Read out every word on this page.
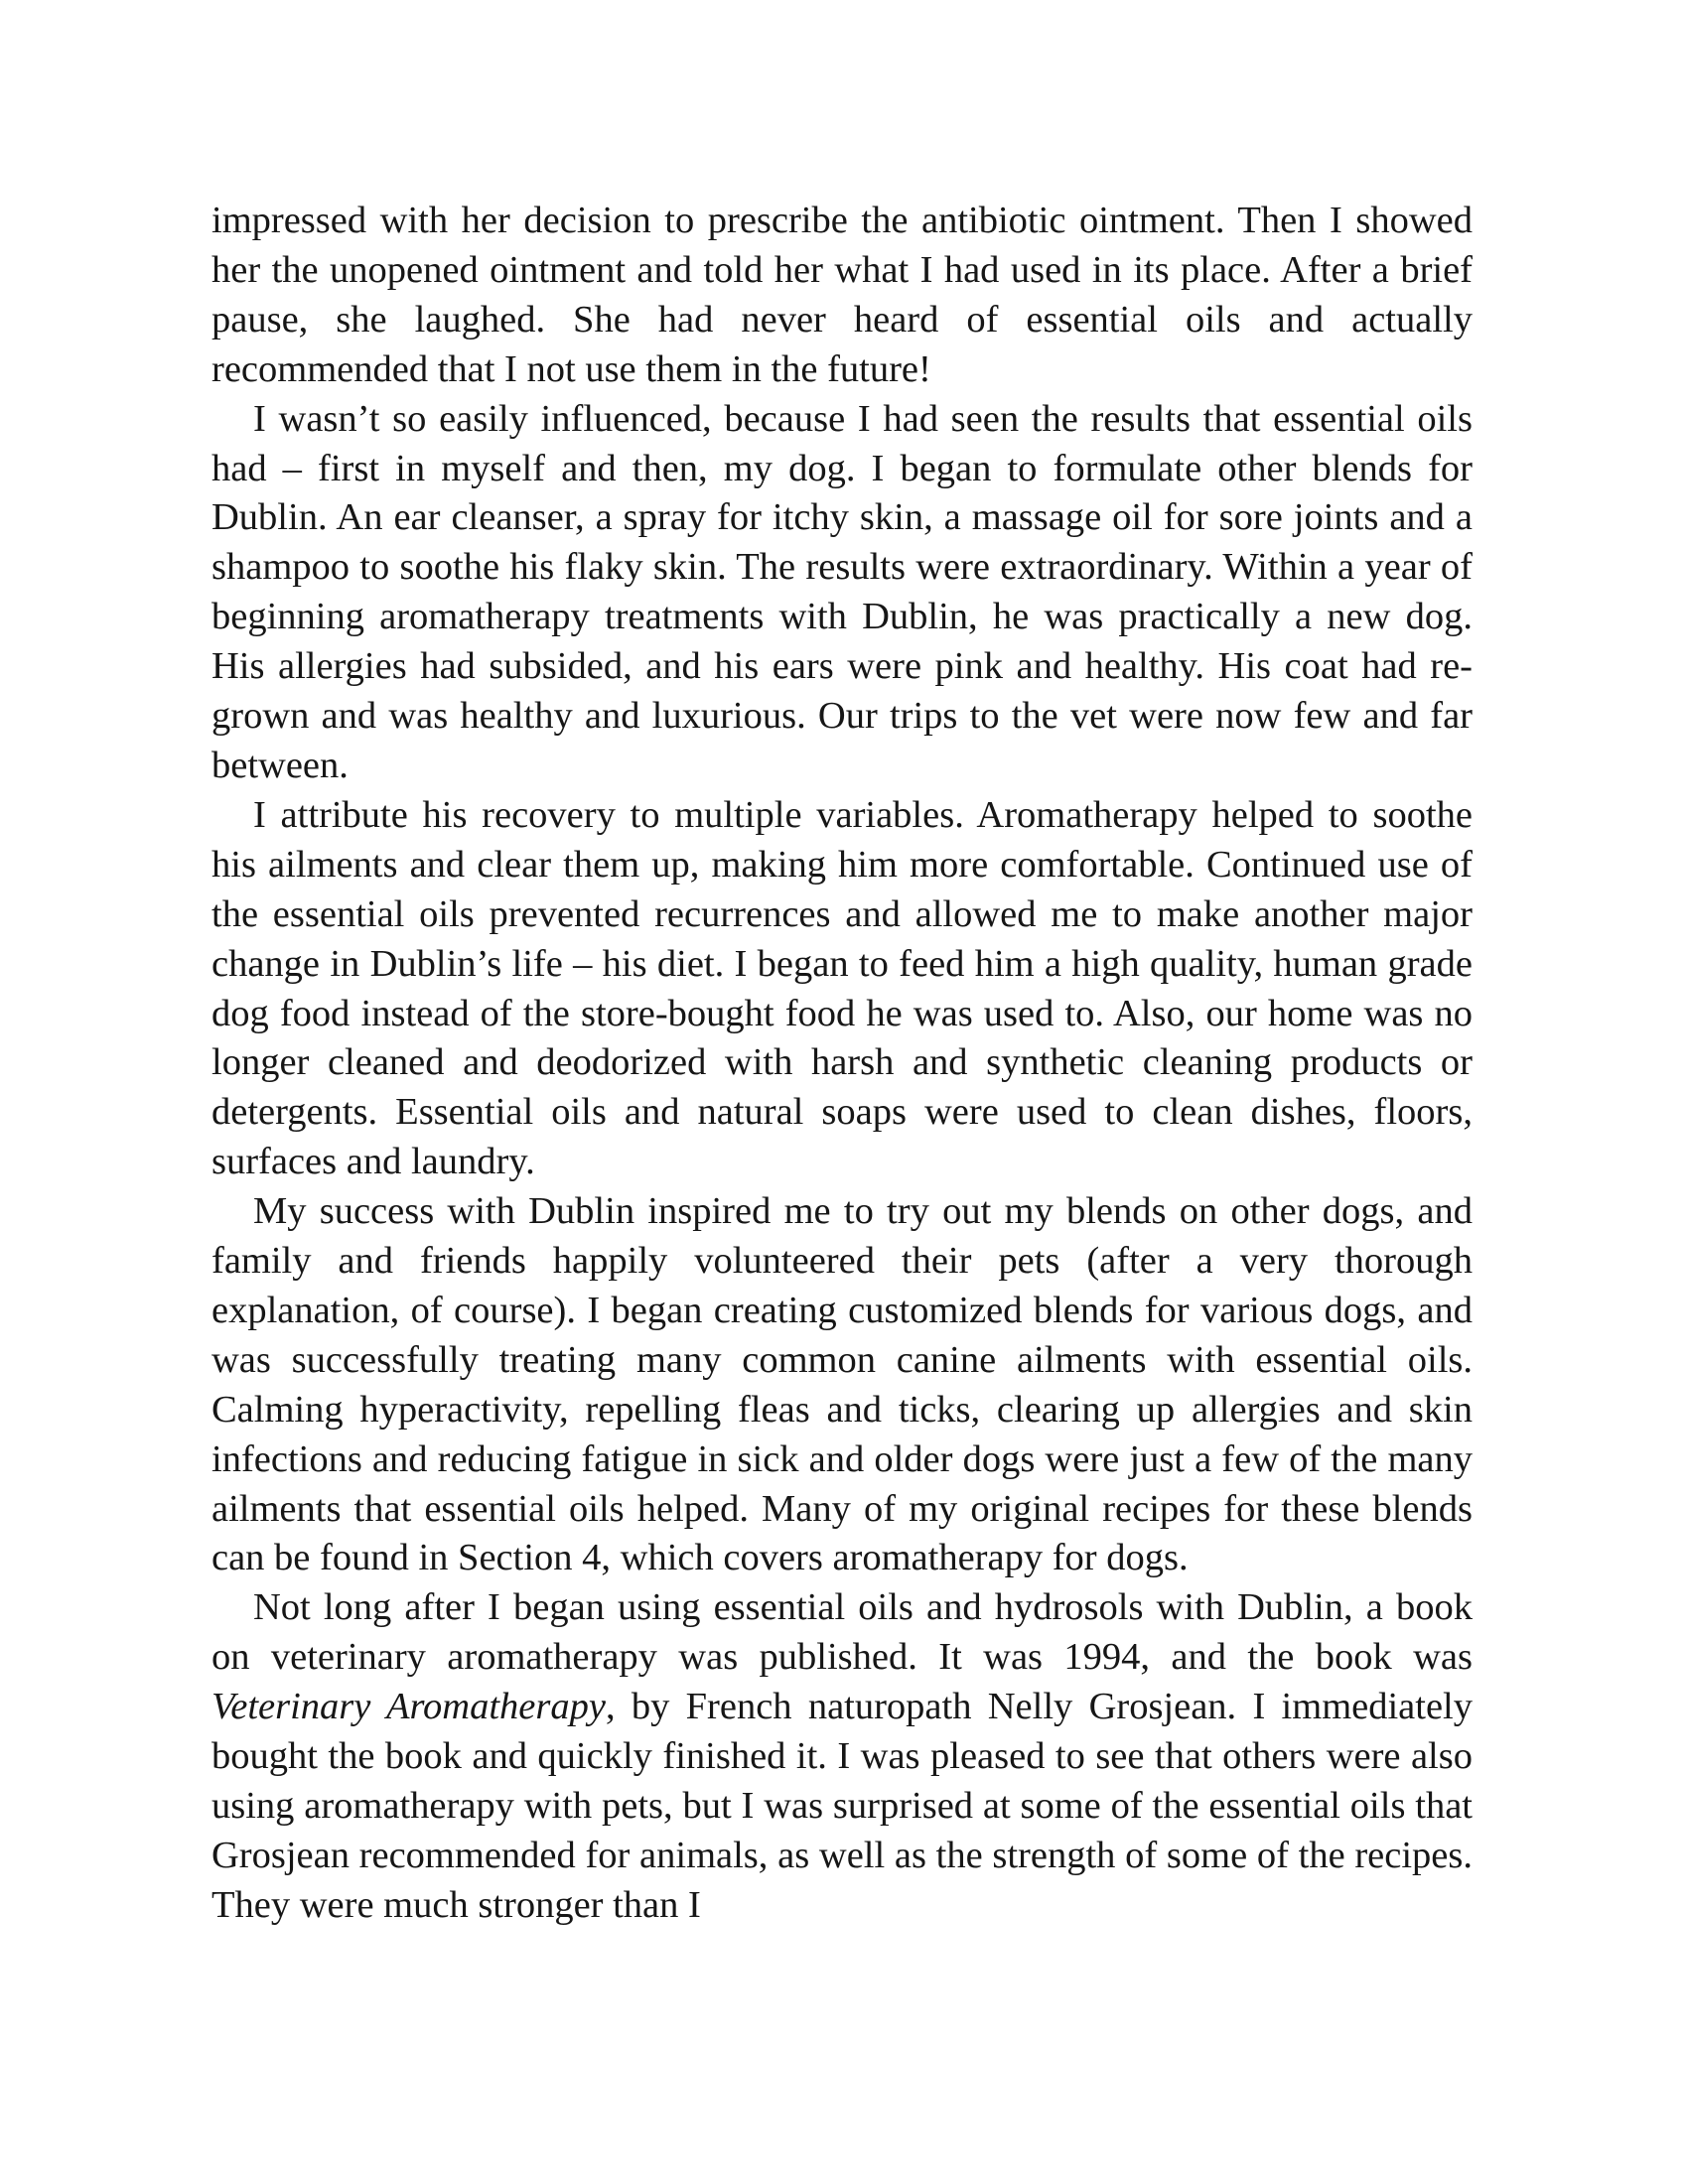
impressed with her decision to prescribe the antibiotic ointment. Then I showed her the unopened ointment and told her what I had used in its place. After a brief pause, she laughed. She had never heard of essential oils and actually recommended that I not use them in the future!

I wasn’t so easily influenced, because I had seen the results that essential oils had – first in myself and then, my dog. I began to formulate other blends for Dublin. An ear cleanser, a spray for itchy skin, a massage oil for sore joints and a shampoo to soothe his flaky skin. The results were extraordinary. Within a year of beginning aromatherapy treatments with Dublin, he was practically a new dog. His allergies had subsided, and his ears were pink and healthy. His coat had re-grown and was healthy and luxurious. Our trips to the vet were now few and far between.

I attribute his recovery to multiple variables. Aromatherapy helped to soothe his ailments and clear them up, making him more comfortable. Continued use of the essential oils prevented recurrences and allowed me to make another major change in Dublin’s life – his diet. I began to feed him a high quality, human grade dog food instead of the store-bought food he was used to. Also, our home was no longer cleaned and deodorized with harsh and synthetic cleaning products or detergents. Essential oils and natural soaps were used to clean dishes, floors, surfaces and laundry.

My success with Dublin inspired me to try out my blends on other dogs, and family and friends happily volunteered their pets (after a very thorough explanation, of course). I began creating customized blends for various dogs, and was successfully treating many common canine ailments with essential oils. Calming hyperactivity, repelling fleas and ticks, clearing up allergies and skin infections and reducing fatigue in sick and older dogs were just a few of the many ailments that essential oils helped. Many of my original recipes for these blends can be found in Section 4, which covers aromatherapy for dogs.

Not long after I began using essential oils and hydrosols with Dublin, a book on veterinary aromatherapy was published. It was 1994, and the book was Veterinary Aromatherapy, by French naturopath Nelly Grosjean. I immediately bought the book and quickly finished it. I was pleased to see that others were also using aromatherapy with pets, but I was surprised at some of the essential oils that Grosjean recommended for animals, as well as the strength of some of the recipes. They were much stronger than I
